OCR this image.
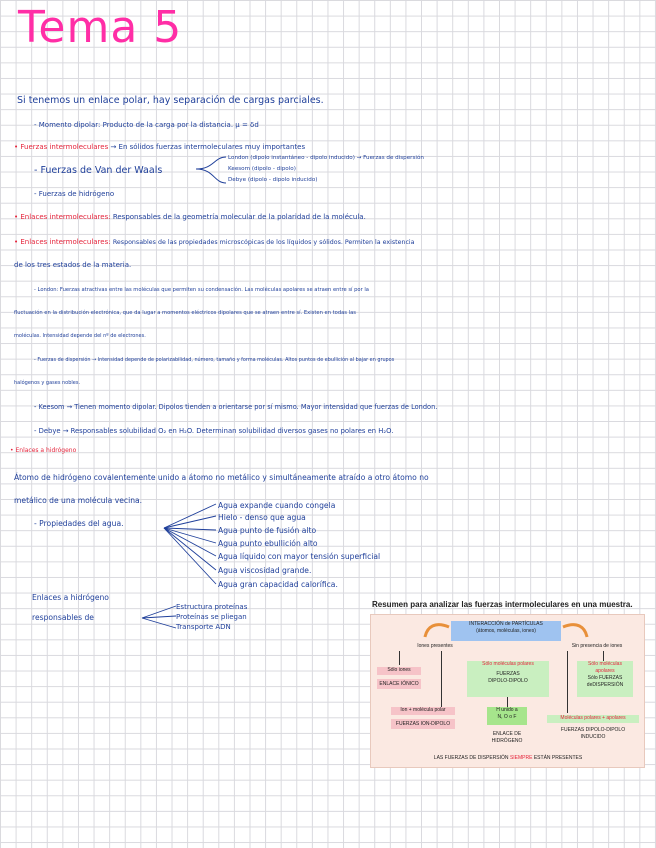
Tema 5
Si tenemos un enlace polar, hay separación de cargas parciales.
- Momento dipolar: Producto de la carga por la distancia. μ = δd
• Fuerzas intermoleculares → En sólidos fuerzas intermoleculares muy importantes
- Fuerzas de Van der Waals
London (dipolo instantáneo - dipolo inducido) → Fuerzas de dispersión
Keesom (dipolo - dipolo)
Debye (dipolo - dipolo inducido)
- Fuerzas de hidrógeno
• Enlaces intermoleculares: Responsables de la geometría molecular de la polaridad de la molécula.
• Enlaces intermoleculares: Responsables de las propiedades microscópicas de los líquidos y sólidos. Permiten la existencia
de los tres estados de la materia.
- London: Fuerzas atractivas entre las moléculas que permiten su condensación. Las moléculas apolares se atraen entre sí por la
fluctuación en la distribución electrónica, que da lugar a momentos eléctricos dipolares que se atraen entre sí. Existen en todas las
moléculas. Intensidad depende del nº de electrones.
- Fuerzas de dispersión → Intensidad depende de polarizabilidad, número, tamaño y forma moléculas. Altos puntos de ebullición al bajar en grupos
halógenos y gases nobles.
- Keesom → Tienen momento dipolar. Dipolos tienden a orientarse por sí mismo. Mayor intensidad que fuerzas de London.
- Debye → Responsables solubilidad O₂ en H₂O. Determinan solubilidad diversos gases no polares en H₂O.
• Enlaces a hidrógeno
Átomo de hidrógeno covalentemente unido a átomo no metálico y simultáneamente atraído a otro átomo no
metálico de una molécula vecina.
- Propiedades del agua.
Agua expande cuando congela
Hielo - denso que agua
Agua punto de fusión alto
Agua punto ebullición alto
Agua líquido con mayor tensión superficial
Agua viscosidad grande.
Agua gran capacidad calorífica.
Enlaces a hidrógeno
responsables de
Estructura proteínas
Proteínas se pliegan
Transporte ADN
Resumen para analizar las fuerzas intermoleculares en una muestra.
INTERACCIÓN de PARTÍCULAS
(átomos, moléculas, iones)
Iones presentes	Sin presencia de iones
Sólo iones
ENLACE IÓNICO
Sólo moléculas polares
FUERZAS
DIPOLO-DIPOLO
Sólo moléculas
apolares
Sólo FUERZAS
deDISPERSIÓN
Ion + molécula polar
FUERZAS ION-DIPOLO
H unido a
N, O o F
ENLACE DE
HIDRÓGENO
Moléculas polares + apolares
FUERZAS DIPOLO-DIPOLO
INDUCIDO
LAS FUERZAS DE DISPERSIÓN SIEMPRE ESTÁN PRESENTES
